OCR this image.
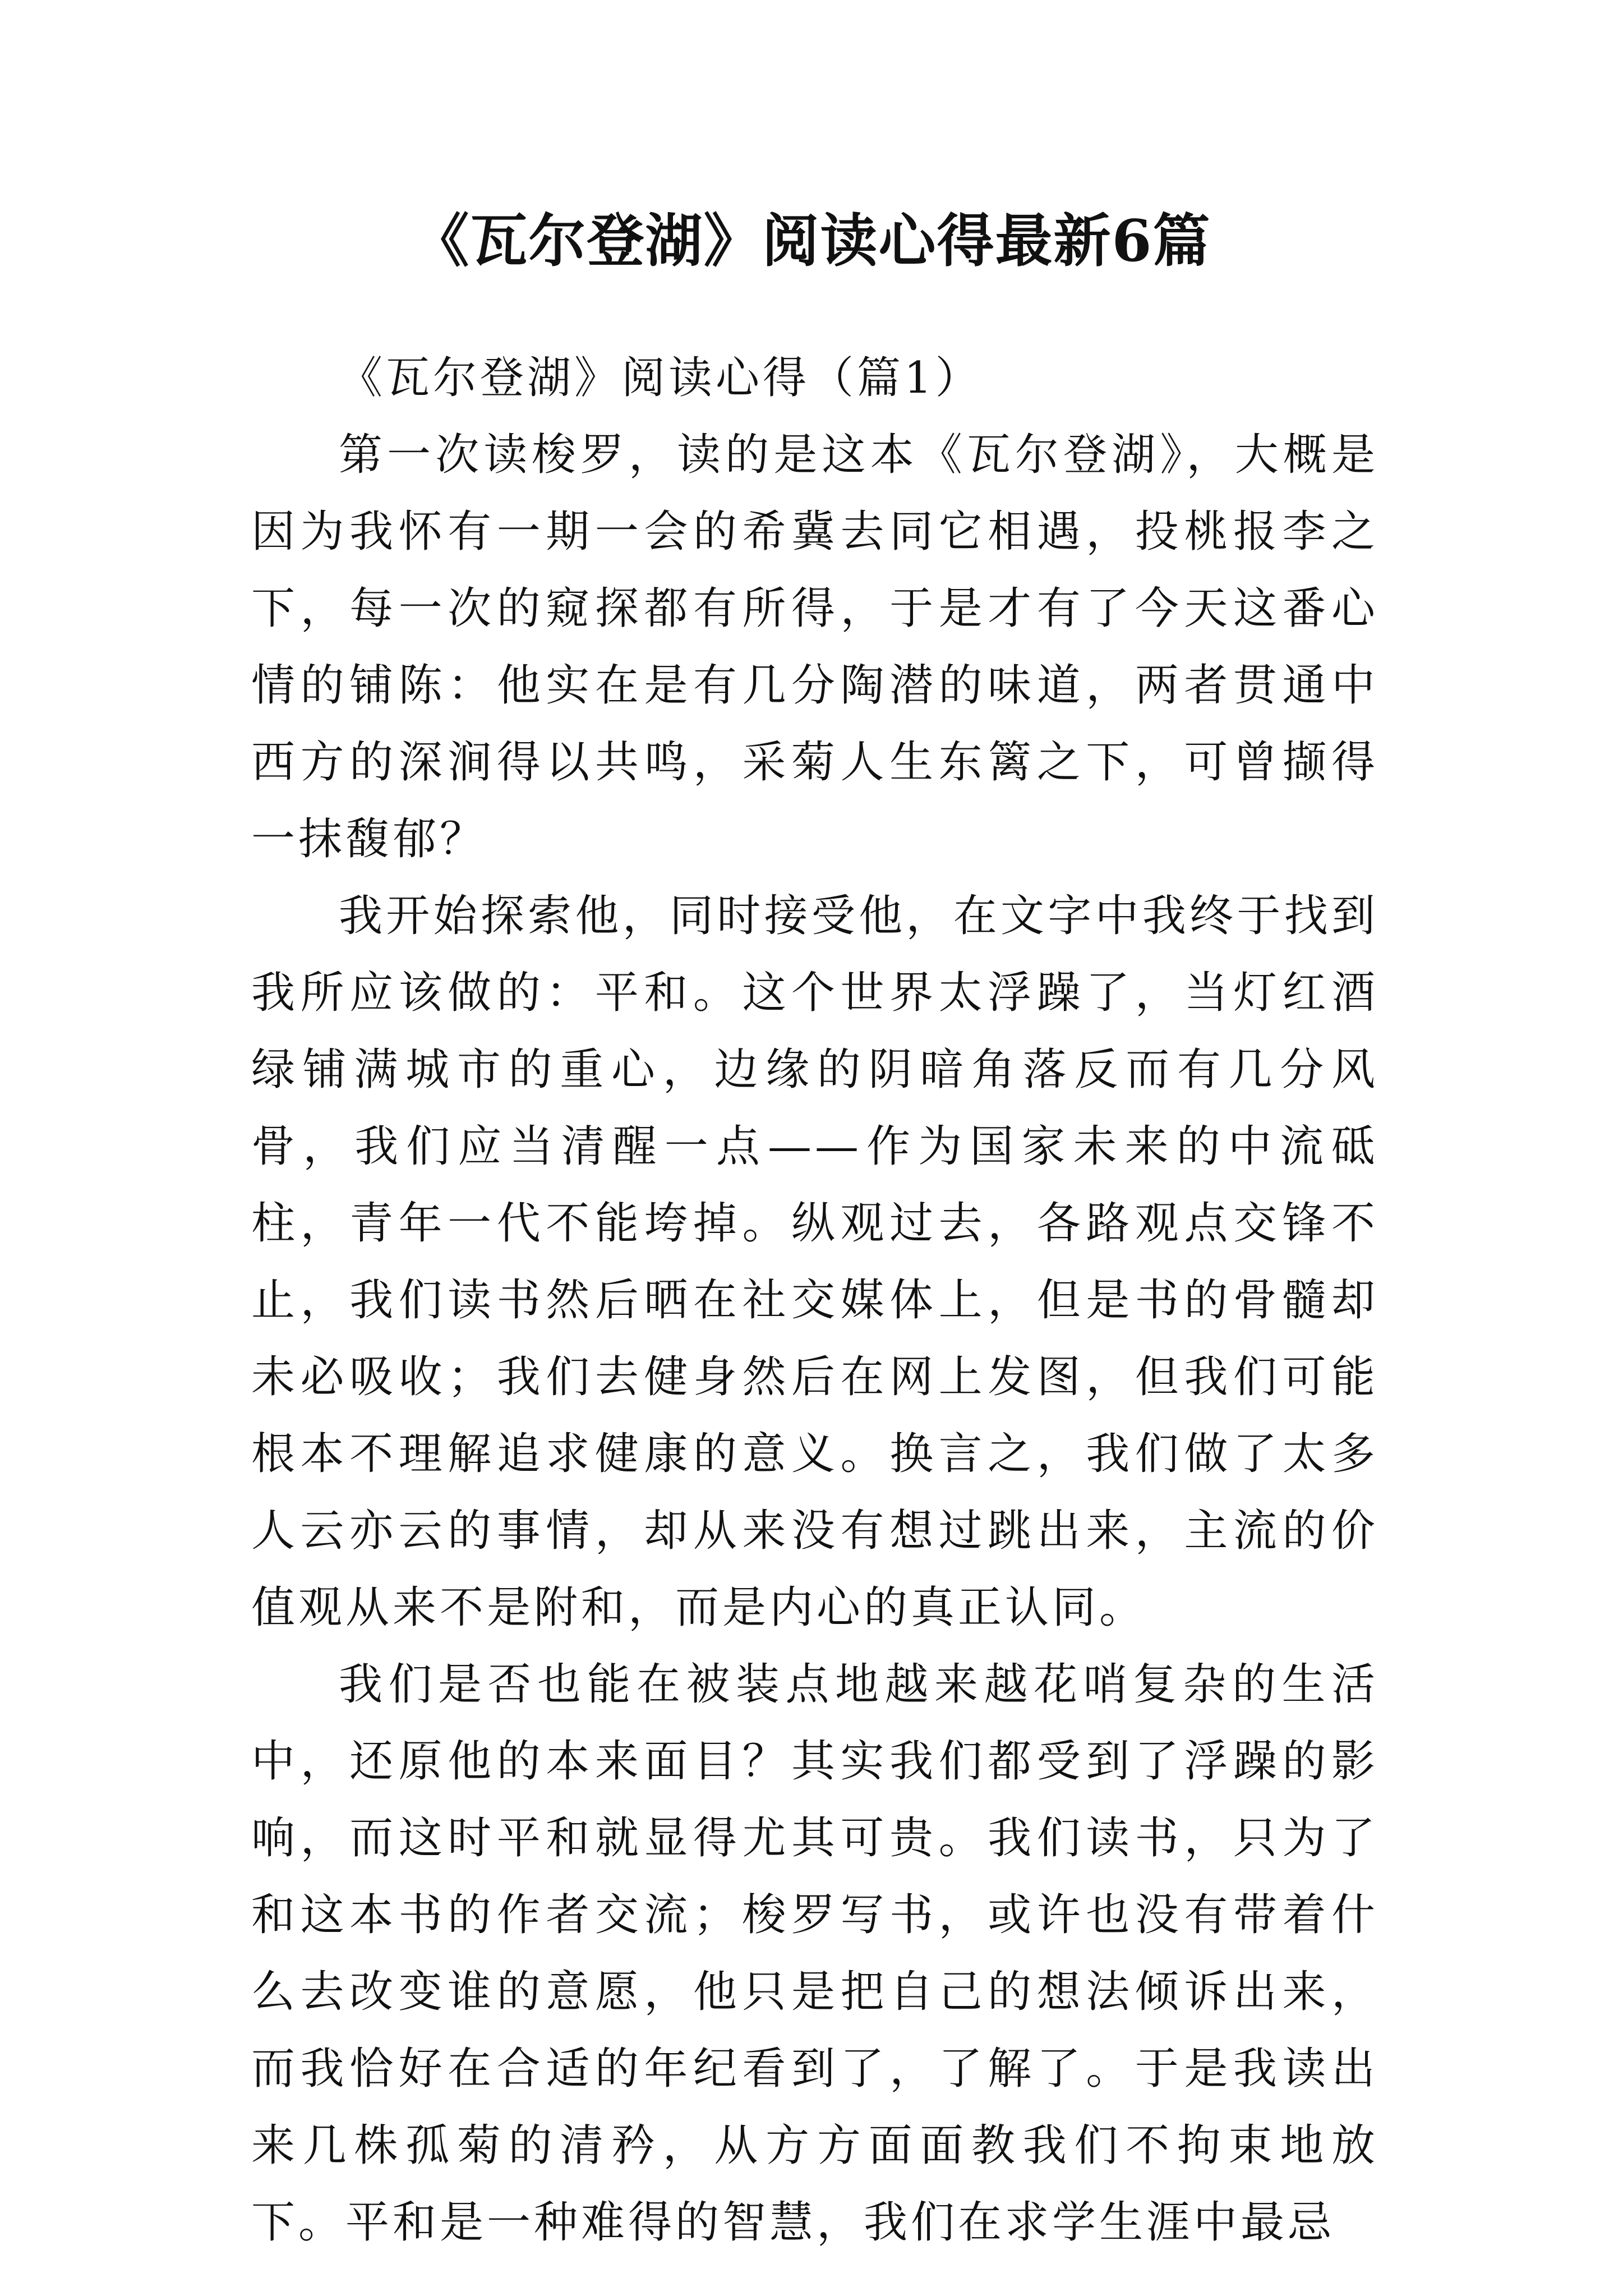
《瓦尔登湖》阅读心得最新6篇
《瓦尔登湖》阅读心得（篇1）

第一次读梭罗，读的是这本《瓦尔登湖》，大概是因为我怀有一期一会的希冀去同它相遇，投桃报李之下，每一次的窥探都有所得，于是才有了今天这番心情的铺陈：他实在是有几分陶潜的味道，两者贯通中西方的深涧得以共鸣，采菊人生东篱之下，可曾撷得一抹馥郁？

我开始探索他，同时接受他，在文字中我终于找到我所应该做的：平和。这个世界太浮躁了，当灯红酒绿铺满城市的重心，边缘的阴暗角落反而有几分风骨，我们应当清醒一点——作为国家未来的中流砥柱，青年一代不能垮掉。纵观过去，各路观点交锋不止，我们读书然后晒在社交媒体上，但是书的骨髓却未必吸收；我们去健身然后在网上发图，但我们可能根本不理解追求健康的意义。换言之，我们做了太多人云亦云的事情，却从来没有想过跳出来，主流的价值观从来不是附和，而是内心的真正认同。

我们是否也能在被装点地越来越花哨复杂的生活中，还原他的本来面目？其实我们都受到了浮躁的影响，而这时平和就显得尤其可贵。我们读书，只为了和这本书的作者交流；梭罗写书，或许也没有带着什么去改变谁的意愿，他只是把自己的想法倾诉出来，而我恰好在合适的年纪看到了，了解了。于是我读出来几株孤菊的清矜，从方方面面教我们不拘束地放下。平和是一种难得的智慧，我们在求学生涯中最忌
